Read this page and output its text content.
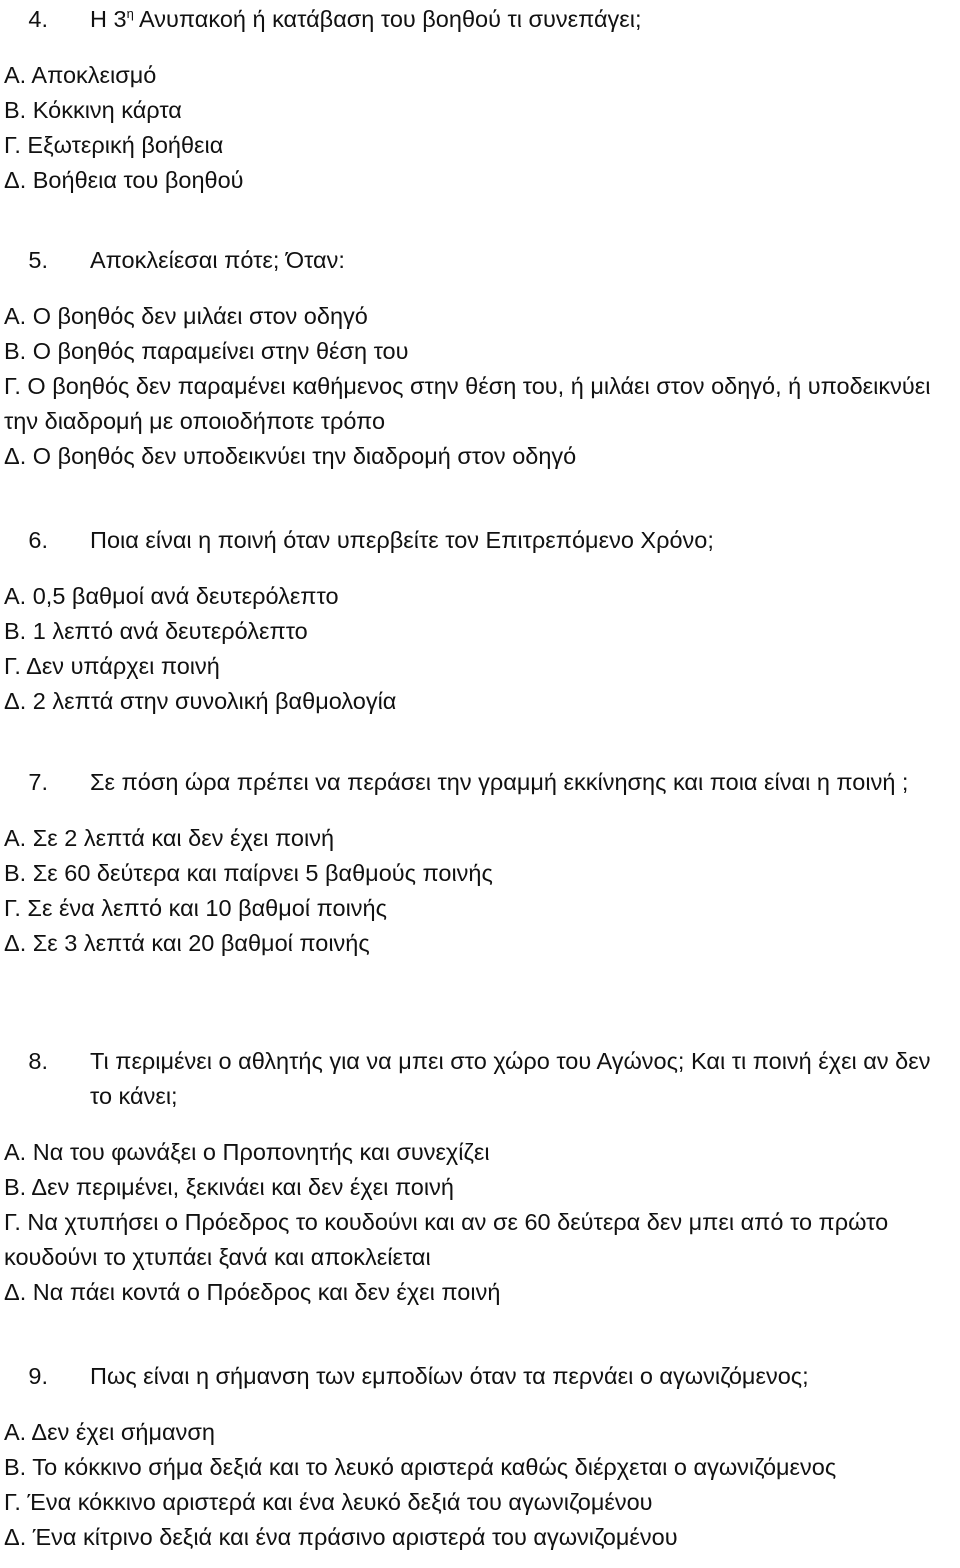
4.	Η $3^\eta$ Ανυπακοή ή κατάβαση του βοηθού τι συνεπάγει;
Α. Αποκλεισμό
Β. Κόκκινη κάρτα
Γ. Εξωτερική βοήθεια
Δ. Βοήθεια του βοηθού
5.	Αποκλείεσαι πότε; Όταν:
Α. Ο βοηθός δεν μιλάει στον οδηγό
Β. Ο βοηθός παραμείνει στην θέση του
Γ. Ο βοηθός δεν παραμένει καθήμενος στην θέση του, ή μιλάει στον οδηγό, ή υποδεικνύει την διαδρομή με οποιοδήποτε τρόπο
Δ. Ο βοηθός δεν υποδεικνύει την διαδρομή στον οδηγό
6.	Ποια είναι η ποινή όταν υπερβείτε τον Επιτρεπόμενο Χρόνο;
Α. 0,5 βαθμοί ανά δευτερόλεπτο
Β. 1 λεπτό ανά δευτερόλεπτο
Γ. Δεν υπάρχει ποινή
Δ. 2 λεπτά στην συνολική βαθμολογία
7.	Σε πόση ώρα πρέπει να περάσει την γραμμή εκκίνησης και ποια είναι η ποινή ;
Α. Σε 2 λεπτά και δεν έχει ποινή
Β. Σε 60 δεύτερα και παίρνει 5 βαθμούς ποινής
Γ. Σε ένα λεπτό και 10 βαθμοί ποινής
Δ. Σε 3 λεπτά και 20 βαθμοί ποινής
8.	Τι περιμένει ο αθλητής για να μπει στο χώρο του Αγώνος; Και τι ποινή έχει αν δεν το κάνει;
Α. Να του φωνάξει ο Προπονητής και συνεχίζει
Β. Δεν περιμένει, ξεκινάει και δεν έχει ποινή
Γ. Να χτυπήσει ο Πρόεδρος το κουδούνι και αν σε 60 δεύτερα δεν μπει από το πρώτο κουδούνι το χτυπάει ξανά και αποκλείεται
Δ. Να πάει κοντά ο Πρόεδρος και δεν έχει ποινή
9.	Πως είναι η σήμανση των εμποδίων όταν τα περνάει ο αγωνιζόμενος;
Α. Δεν έχει σήμανση
Β. Το κόκκινο σήμα δεξιά και το λευκό αριστερά καθώς διέρχεται ο αγωνιζόμενος
Γ. Ένα κόκκινο αριστερά και ένα λευκό δεξιά του αγωνιζομένου
Δ. Ένα κίτρινο δεξιά και ένα πράσινο αριστερά του αγωνιζομένου
